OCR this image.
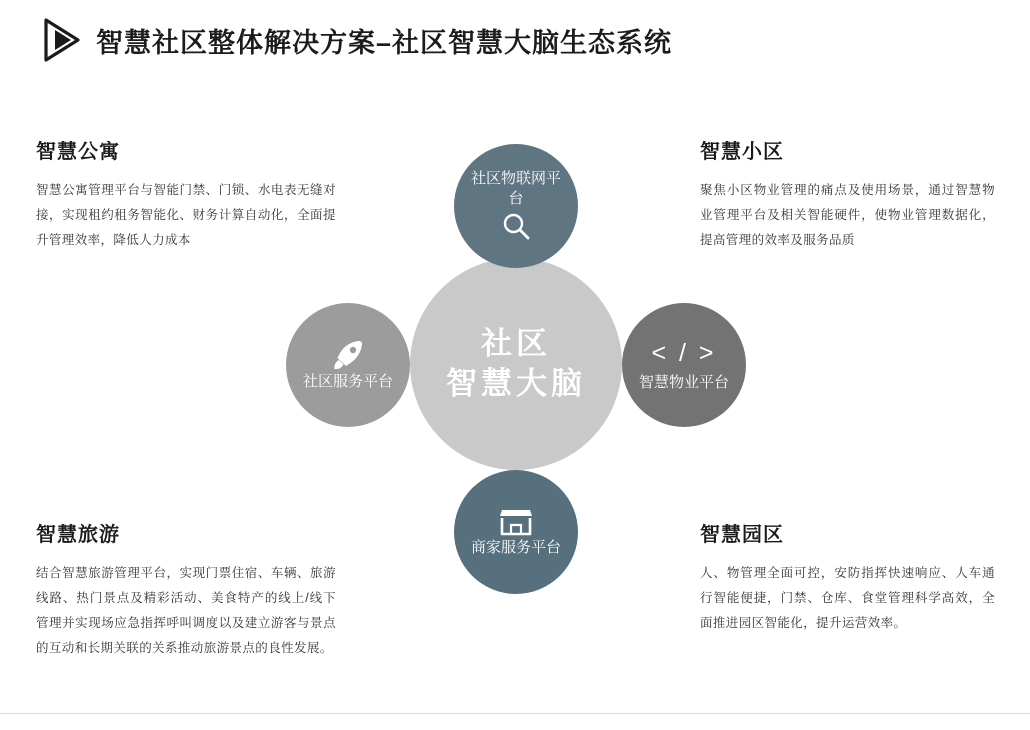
智慧社区整体解决方案–社区智慧大脑生态系统
社区
智慧大脑
社区物联网平台
社区服务平台
< / >
智慧物业平台
商家服务平台
智慧公寓

智慧公寓管理平台与智能门禁、门锁、水电表无缝对接，实现租约租务智能化、财务计算自动化，全面提升管理效率，降低人力成本

智慧小区

聚焦小区物业管理的痛点及使用场景，通过智慧物业管理平台及相关智能硬件，使物业管理数据化，提高管理的效率及服务品质

智慧旅游

结合智慧旅游管理平台，实现门票住宿、车辆、旅游线路、热门景点及精彩活动、美食特产的线上/线下管理并实现场应急指挥呼叫调度以及建立游客与景点的互动和长期关联的关系推动旅游景点的良性发展。

智慧园区

人、物管理全面可控，安防指挥快速响应、人车通行智能便捷，门禁、仓库、食堂管理科学高效，全面推进园区智能化，提升运营效率。
